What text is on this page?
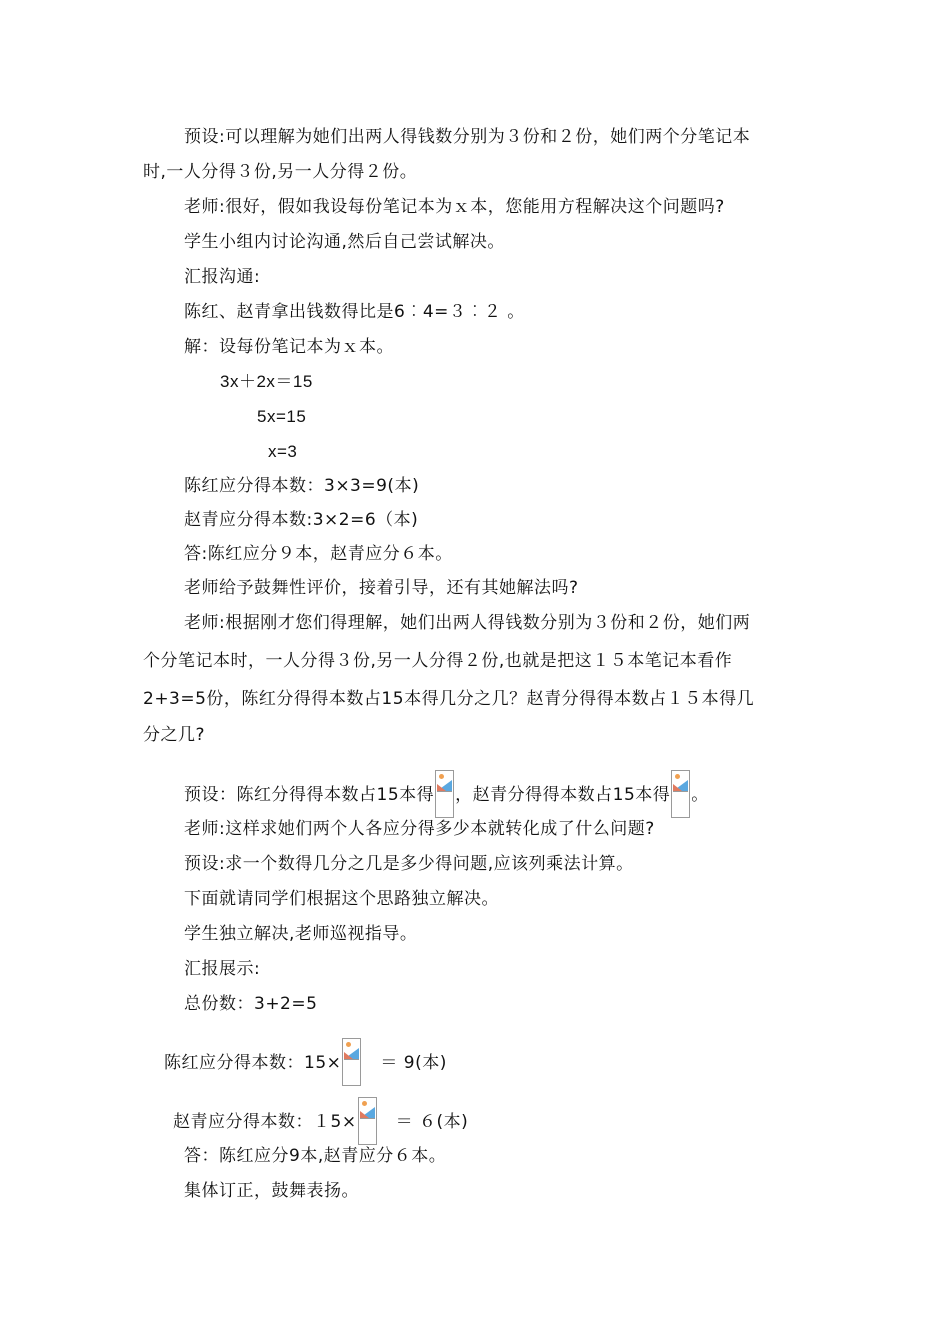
预设:可以理解为她们出两人得钱数分别为３份和２份，她们两个分笔记本
时,一人分得３份,另一人分得２份。
老师:很好，假如我设每份笔记本为ｘ本，您能用方程解决这个问题吗?
学生小组内讨论沟通,然后自己尝试解决。
汇报沟通:
陈红、赵青拿出钱数得比是6︰4=３︰２ 。
解：设每份笔记本为ｘ本。
3x＋2x＝15
5x=15
x=3
陈红应分得本数：3×3=9(本)
赵青应分得本数:3×2=6（本)
答:陈红应分９本，赵青应分６本。
老师给予鼓舞性评价，接着引导，还有其她解法吗?
老师:根据刚才您们得理解，她们出两人得钱数分别为３份和２份，她们两
个分笔记本时，一人分得３份,另一人分得２份,也就是把这１５本笔记本看作
2+3=5份，陈红分得得本数占15本得几分之几？赵青分得得本数占１５本得几
分之几?
预设：陈红分得得本数占15本得 ，赵青分得得本数占15本得 。
老师:这样求她们两个人各应分得多少本就转化成了什么问题?
预设:求一个数得几分之几是多少得问题,应该列乘法计算。
下面就请同学们根据这个思路独立解决。
学生独立解决,老师巡视指导。
汇报展示:
总份数：3+2=5
陈红应分得本数：15× ＝ 9(本)
赵青应分得本数：１5× ＝ ６(本)
答：陈红应分9本,赵青应分６本。
集体订正，鼓舞表扬。
